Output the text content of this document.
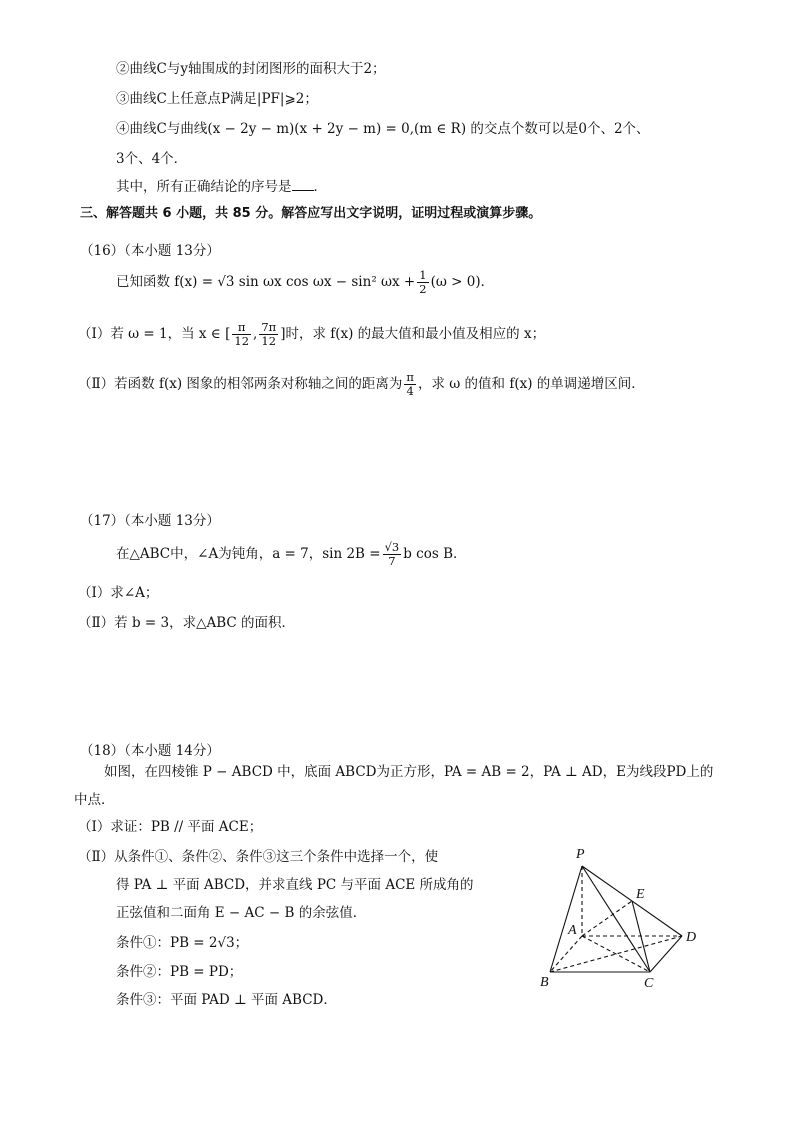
②曲线C与y轴围成的封闭图形的面积大于2；
③曲线C上任意点P满足|PF|⩾2；
④曲线C与曲线(x − 2y − m)(x + 2y − m) = 0,(m ∈ R) 的交点个数可以是0个、2个、
3个、4个．
其中，所有正确结论的序号是 ．
三、解答题共 6 小题，共 85 分。解答应写出文字说明，证明过程或演算步骤。
（16）（本小题 13分）
已知函数 f(x) = √3 sin ωx cos ωx − sin² $\omega x + \frac{1}{2} (\omega > 0)$．
（Ⅰ）若 ω = 1，当 x ∈ [ $\frac{\pi}{12}$ , $\frac{7\pi}{12}$ ]时，求 f(x) 的最大值和最小值及相应的 x；
（Ⅱ）若函数 f(x) 图象的相邻两条对称轴之间的距离为 $\frac{\pi}{4}$ ，求 ω 的值和 f(x) 的单调递增区间．
（17）（本小题 13分）
在△ABC中，∠A为钝角，a = 7，$\sin 2B = \frac{√3}{7}$ b cos B．
（Ⅰ）求∠A；
（Ⅱ）若 b = 3，求△ABC 的面积．
（18）（本小题 14分）
如图，在四棱锥 P − ABCD 中，底面 ABCD为正方形，PA = AB = 2，PA ⊥ AD，E为线段PD上的
中点．
（Ⅰ）求证：PB // 平面 ACE；
（Ⅱ）从条件①、条件②、条件③这三个条件中选择一个，使
得 PA ⊥ 平面 ABCD，并求直线 PC 与平面 ACE 所成角的
正弦值和二面角 E − AC − B 的余弦值．
条件①：PB = 2√3；
条件②：PB = PD；
条件③：平面 PAD ⊥ 平面 ABCD．
P
E
A	D
B	C
